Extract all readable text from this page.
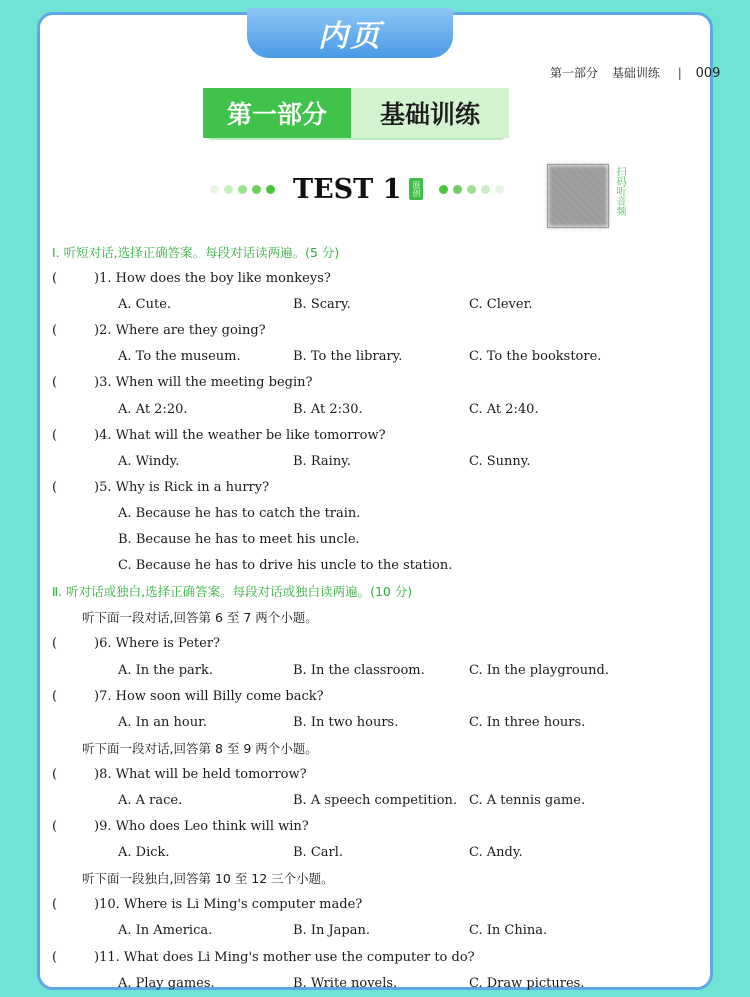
第一部分 基础训练 | 009
内页
第一部分	基础训练
TEST 1	原创	扫码听音频
Ⅰ. 听短对话,选择正确答案。每段对话读两遍。(5 分)
(	)1. How does the boy like monkeys?
A. Cute.	B. Scary.	C. Clever.
(	)2. Where are they going?
A. To the museum.	B. To the library.	C. To the bookstore.
(	)3. When will the meeting begin?
A. At 2:20.	B. At 2:30.	C. At 2:40.
(	)4. What will the weather be like tomorrow?
A. Windy.	B. Rainy.	C. Sunny.
(	)5. Why is Rick in a hurry?
A. Because he has to catch the train.
B. Because he has to meet his uncle.
C. Because he has to drive his uncle to the station.
Ⅱ. 听对话或独白,选择正确答案。每段对话或独白读两遍。(10 分)
听下面一段对话,回答第 6 至 7 两个小题。
(	)6. Where is Peter?
A. In the park.	B. In the classroom.	C. In the playground.
(	)7. How soon will Billy come back?
A. In an hour.	B. In two hours.	C. In three hours.
听下面一段对话,回答第 8 至 9 两个小题。
(	)8. What will be held tomorrow?
A. A race.	B. A speech competition. C. A tennis game.
(	)9. Who does Leo think will win?
A. Dick.	B. Carl.	C. Andy.
听下面一段独白,回答第 10 至 12 三个小题。
(	)10. Where is Li Ming's computer made?
A. In America.	B. In Japan.	C. In China.
(	)11. What does Li Ming's mother use the computer to do?
A. Play games.	B. Write novels.	C. Draw pictures.
